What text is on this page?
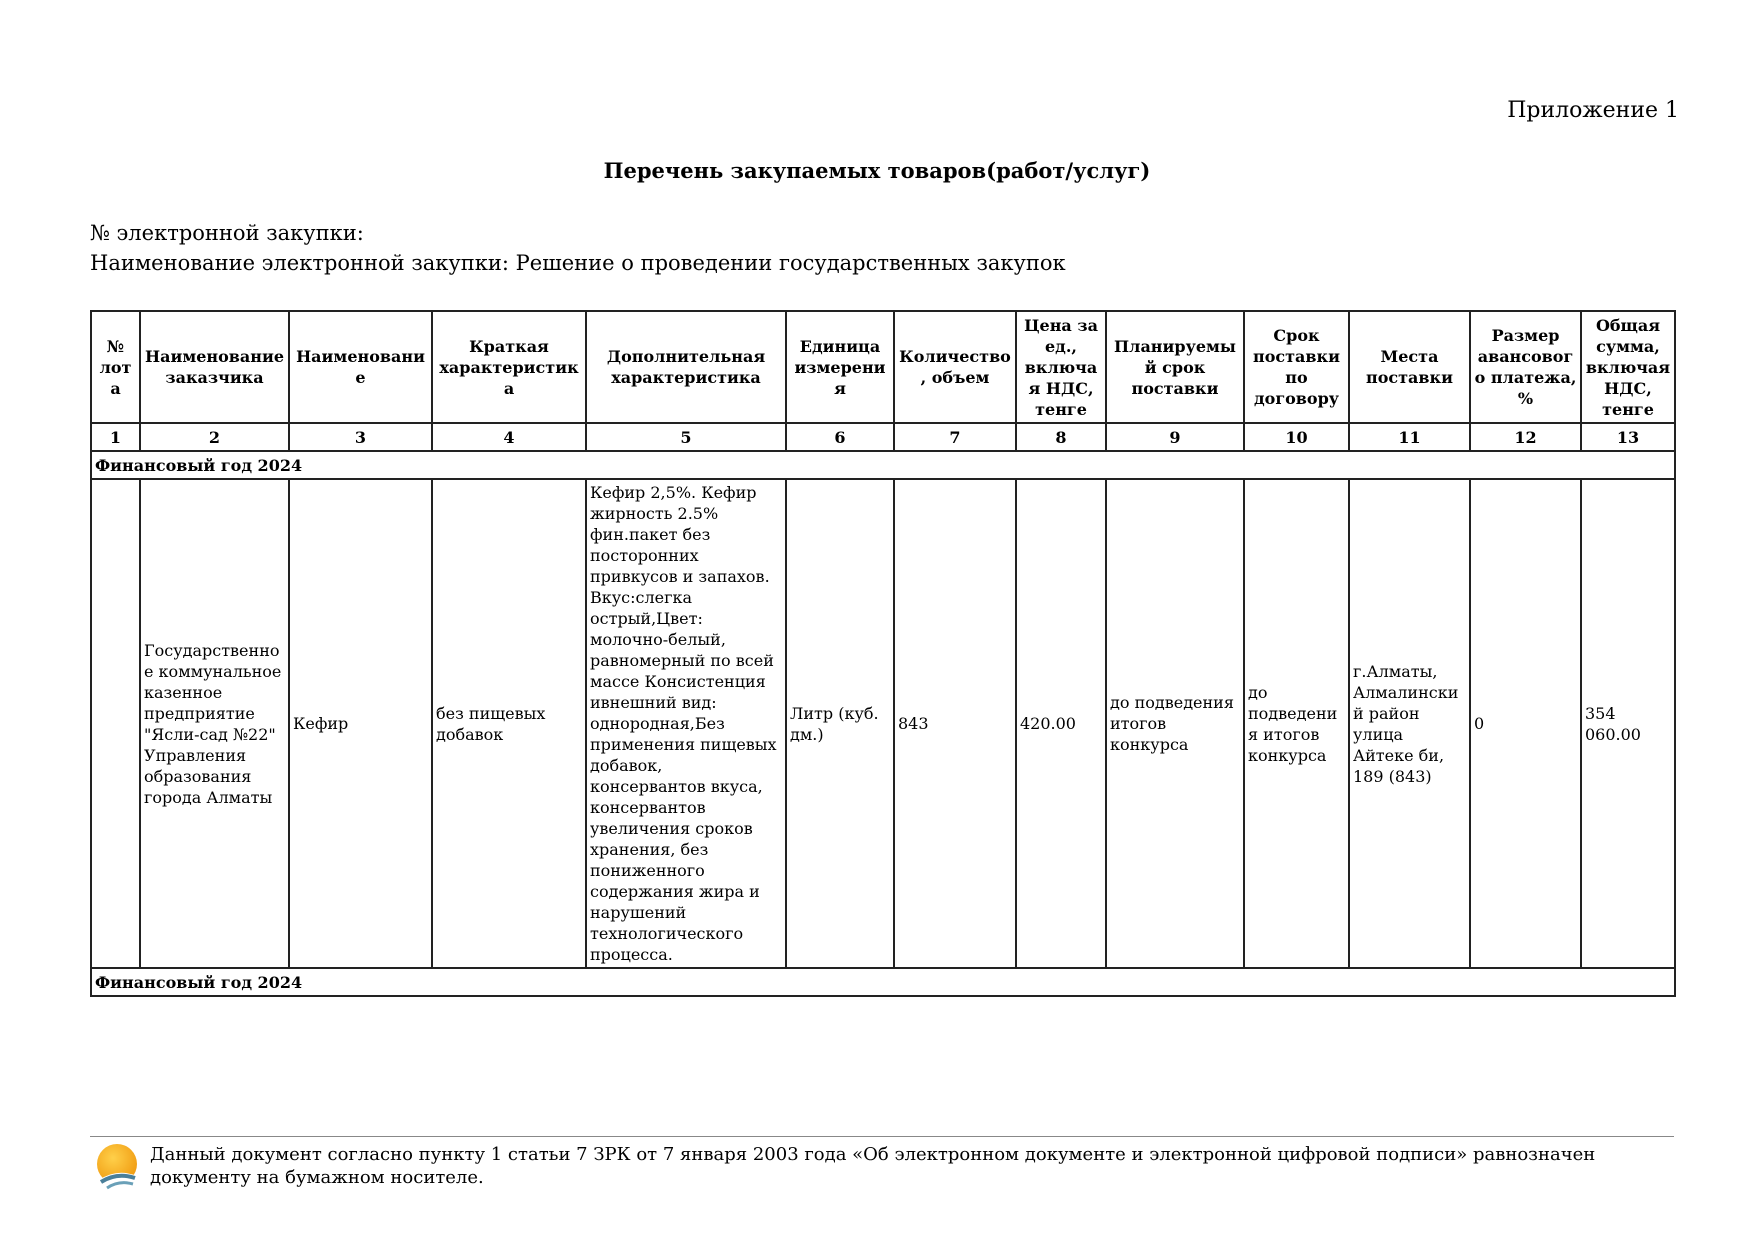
Приложение 1
Перечень закупаемых товаров(работ/услуг)
№ электронной закупки:
Наименование электронной закупки: Решение о проведении государственных закупок
№ лота	Наименование заказчика	Наименование	Краткая характеристика	Дополнительная характеристика	Единица измерения	Количество, объем	Цена за ед., включая НДС, тенге	Планируемый срок поставки	Срок поставки по договору	Места поставки	Размер авансового платежа, %	Общая сумма, включая НДС, тенге
1	2	3	4	5	6	7	8	9	10	11	12	13
Финансовый год 2024												
	Государственное коммунальное казенное предприятие "Ясли-сад №22" Управления образования города Алматы	Кефир	без пищевых добавок	Кефир 2,5%. Кефир жирность 2.5% фин.пакет без посторонних привкусов и запахов. Вкус:слегка острый,Цвет: молочно-белый, равномерный по всей массе Консистенция ивнешний вид: однородная,Без применения пищевых добавок, консервантов вкуса, консервантов увеличения сроков хранения, без пониженного содержания жира и нарушений технологического процесса.	Литр (куб. дм.)	843	420.00	до подведения итогов конкурса	до подведения итогов конкурса	г.Алматы, Алмалинский район улица Айтеке би, 189 (843)	0	354 060.00
Финансовый год 2024												
Данный документ согласно пункту 1 статьи 7 ЗРК от 7 января 2003 года «Об электронном документе и электронной цифровой подписи» равнозначен документу на бумажном носителе.
